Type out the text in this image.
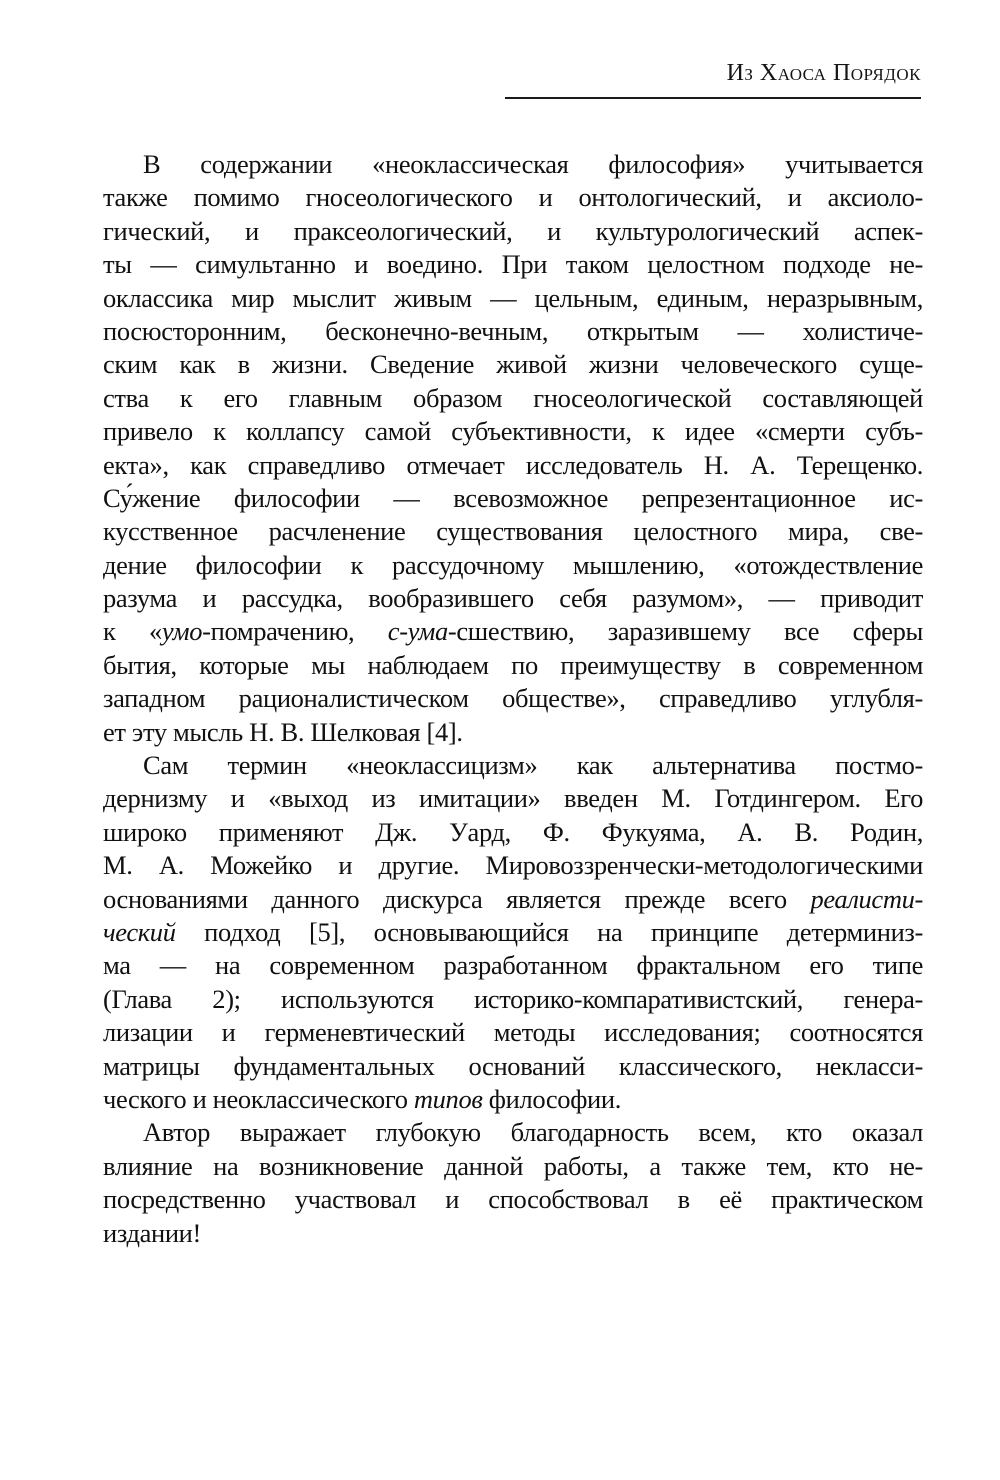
Из Хаоса Порядок
В содержании «неоклассическая философия» учитывается
также помимо гносеологического и онтологический, и аксиоло-
гический, и праксеологический, и культурологический аспек-
ты — симультанно и воедино. При таком целостном подходе не-
оклассика мир мыслит живым — цельным, единым, неразрывным,
посюсторонним, бесконечно-вечным, открытым — холистиче-
ским как в жизни. Сведение живой жизни человеческого суще-
ства к его главным образом гносеологической составляющей
привело к коллапсу самой субъективности, к идее «смерти субъ-
екта», как справедливо отмечает исследователь Н. А. Терещенко.
Су́жение философии — всевозможное репрезентационное ис-
кусственное расчленение существования целостного мира, све-
дение философии к рассудочному мышлению, «отождествление
разума и рассудка, вообразившего себя разумом», — приводит
к «умо-помрачению, с-ума-сшествию, заразившему все сферы
бытия, которые мы наблюдаем по преимуществу в современном
западном рационалистическом обществе», справедливо углубля-
ет эту мысль Н. В. Шелковая [4].
Сам термин «неоклассицизм» как альтернатива постмо-
дернизму и «выход из имитации» введен М. Готдингером. Его
широко применяют Дж. Уард, Ф. Фукуяма, А. В. Родин,
М. А. Можейко и другие. Мировоззренчески-методологическими
основаниями данного дискурса является прежде всего реалисти-
ческий подход [5], основывающийся на принципе детерминиз-
ма — на современном разработанном фрактальном его типе
(Глава 2); используются историко-компаративистский, генера-
лизации и герменевтический методы исследования; соотносятся
матрицы фундаментальных оснований классического, некласси-
ческого и неоклассического типов философии.
Автор выражает глубокую благодарность всем, кто оказал
влияние на возникновение данной работы, а также тем, кто не-
посредственно участвовал и способствовал в её практическом
издании!
